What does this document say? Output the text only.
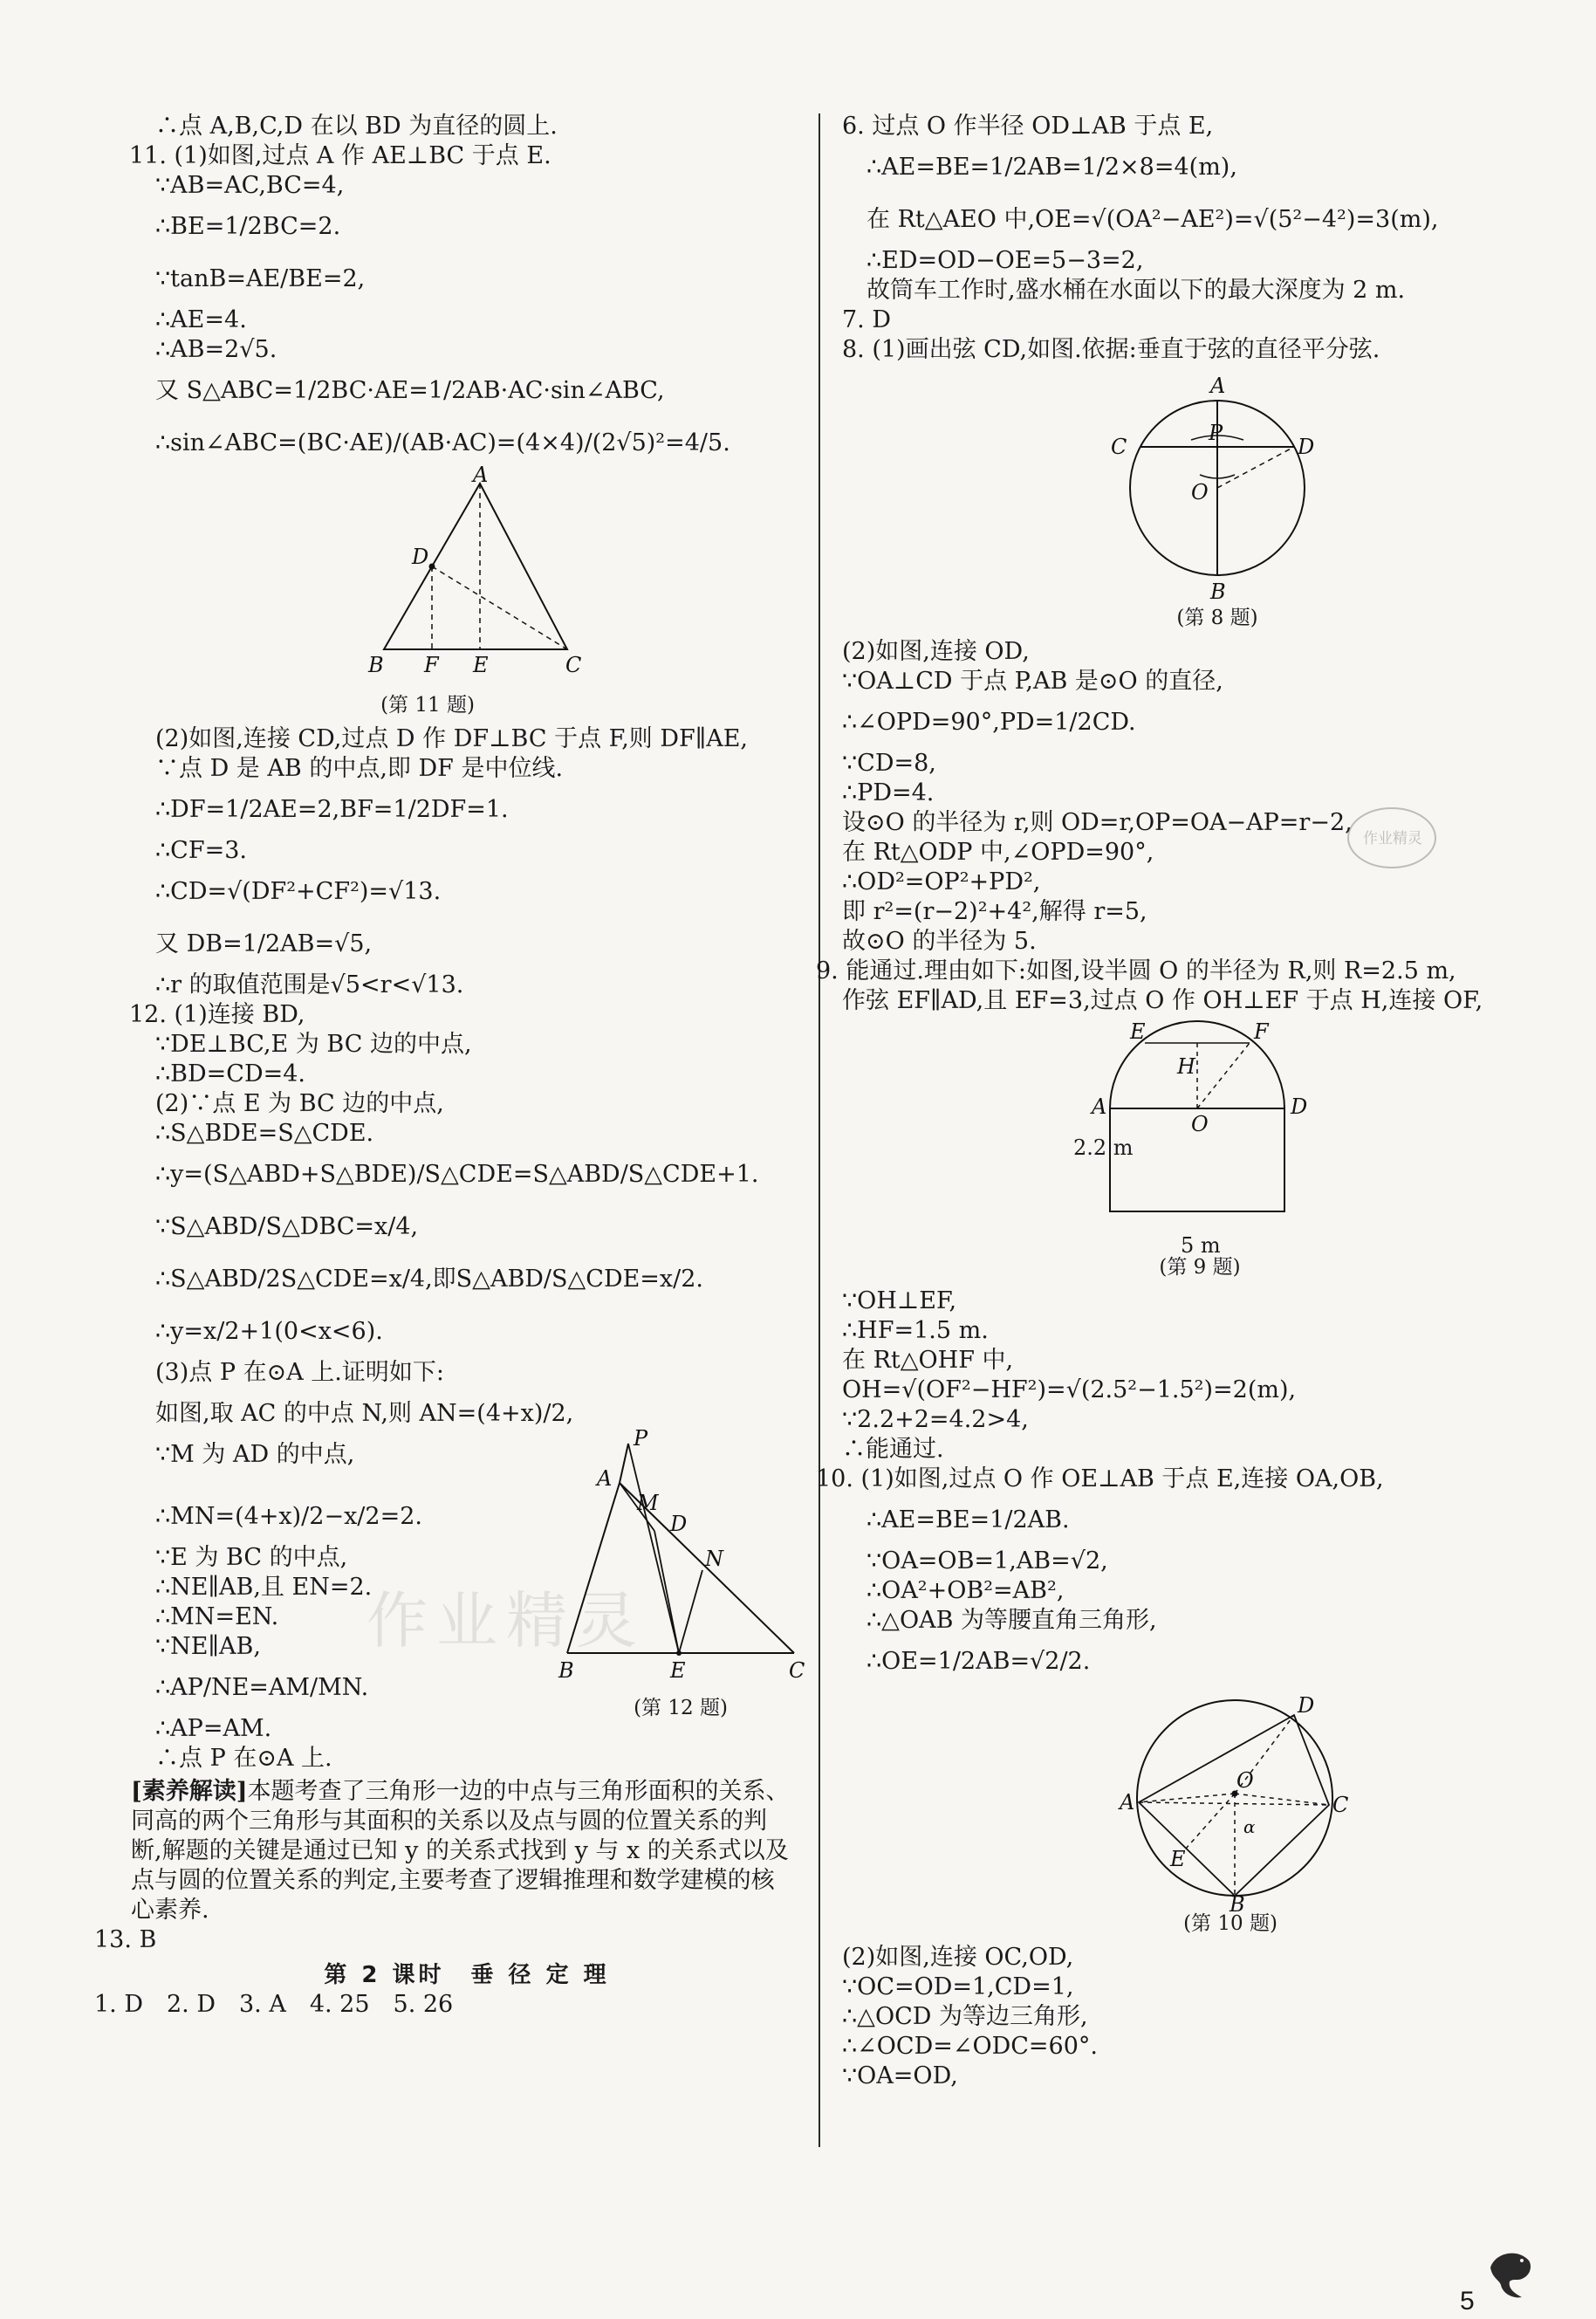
作业精灵
∴点 A,B,C,D 在以 BD 为直径的圆上.
11. (1)如图,过点 A 作 AE⊥BC 于点 E.
∵AB=AC,BC=4,
∴BE=1/2BC=2.
∵tanB=AE/BE=2,
∴AE=4.
∴AB=2√5.
又 S△ABC=1/2BC·AE=1/2AB·AC·sin∠ABC,
∴sin∠ABC=(BC·AE)/(AB·AC)=(4×4)/(2√5)²=4/5.
A
D
B F E	C
(第 11 题)
(2)如图,连接 CD,过点 D 作 DF⊥BC 于点 F,则 DF∥AE,
∵点 D 是 AB 的中点,即 DF 是中位线.
∴DF=1/2AE=2,BF=1/2DF=1.
∴CF=3.
∴CD=√(DF²+CF²)=√13.
又 DB=1/2AB=√5,
∴r 的取值范围是√5<r<√13.
12. (1)连接 BD,
∵DE⊥BC,E 为 BC 边的中点,
∴BD=CD=4.
(2)∵点 E 为 BC 边的中点,
∴S△BDE=S△CDE.
∴y=(S△ABD+S△BDE)/S△CDE=S△ABD/S△CDE+1.
∵S△ABD/S△DBC=x/4,
∴S△ABD/2S△CDE=x/4,即S△ABD/S△CDE=x/2.
∴y=x/2+1(0<x<6).
(3)点 P 在⊙A 上.证明如下:
如图,取 AC 的中点 N,则 AN=(4+x)/2,
∵M 为 AD 的中点,
∴MN=(4+x)/2−x/2=2.
∵E 为 BC 的中点,
∴NE∥AB,且 EN=2.
∴MN=EN.
∵NE∥AB,
∴AP/NE=AM/MN.
∴AP=AM.
∴点 P 在⊙A 上.
P
A
M
D
N
B	E	C
(第 12 题)
[素养解读]本题考查了三角形一边的中点与三角形面积的关系、同高的两个三角形与其面积的关系以及点与圆的位置关系的判断,解题的关键是通过已知 y 的关系式找到 y 与 x 的关系式以及点与圆的位置关系的判定,主要考查了逻辑推理和数学建模的核心素养.
13. B
第 2 课时　垂 径 定 理
1. D　2. D　3. A　4. 25　5. 26
6. 过点 O 作半径 OD⊥AB 于点 E,
∴AE=BE=1/2AB=1/2×8=4(m),
在 Rt△AEO 中,OE=√(OA²−AE²)=√(5²−4²)=3(m),
∴ED=OD−OE=5−3=2,
故筒车工作时,盛水桶在水面以下的最大深度为 2 m.
7. D
8. (1)画出弦 CD,如图.依据:垂直于弦的直径平分弦.
A
C
P
D
O
B
(第 8 题)
(2)如图,连接 OD,
∵OA⊥CD 于点 P,AB 是⊙O 的直径,
∴∠OPD=90°,PD=1/2CD.
∵CD=8,
∴PD=4.
设⊙O 的半径为 r,则 OD=r,OP=OA−AP=r−2,
在 Rt△ODP 中,∠OPD=90°,
∴OD²=OP²+PD²,
即 r²=(r−2)²+4²,解得 r=5,
故⊙O 的半径为 5.
9. 能通过.理由如下:如图,设半圆 O 的半径为 R,则 R=2.5 m,
作弦 EF∥AD,且 EF=3,过点 O 作 OH⊥EF 于点 H,连接 OF,
E	F
H
A
O
D
2.2 m
5 m
(第 9 题)
∵OH⊥EF,
∴HF=1.5 m.
在 Rt△OHF 中,
OH=√(OF²−HF²)=√(2.5²−1.5²)=2(m),
∵2.2+2=4.2>4,
∴能通过.
10. (1)如图,过点 O 作 OE⊥AB 于点 E,连接 OA,OB,
∴AE=BE=1/2AB.
∵OA=OB=1,AB=√2,
∴OA²+OB²=AB²,
∴△OAB 为等腰直角三角形,
∴OE=1/2AB=√2/2.
D
A
O
C
α
E
B
(第 10 题)
(2)如图,连接 OC,OD,
∵OC=OD=1,CD=1,
∴△OCD 为等边三角形,
∴∠OCD=∠ODC=60°.
∵OA=OD,
作业精灵
5
